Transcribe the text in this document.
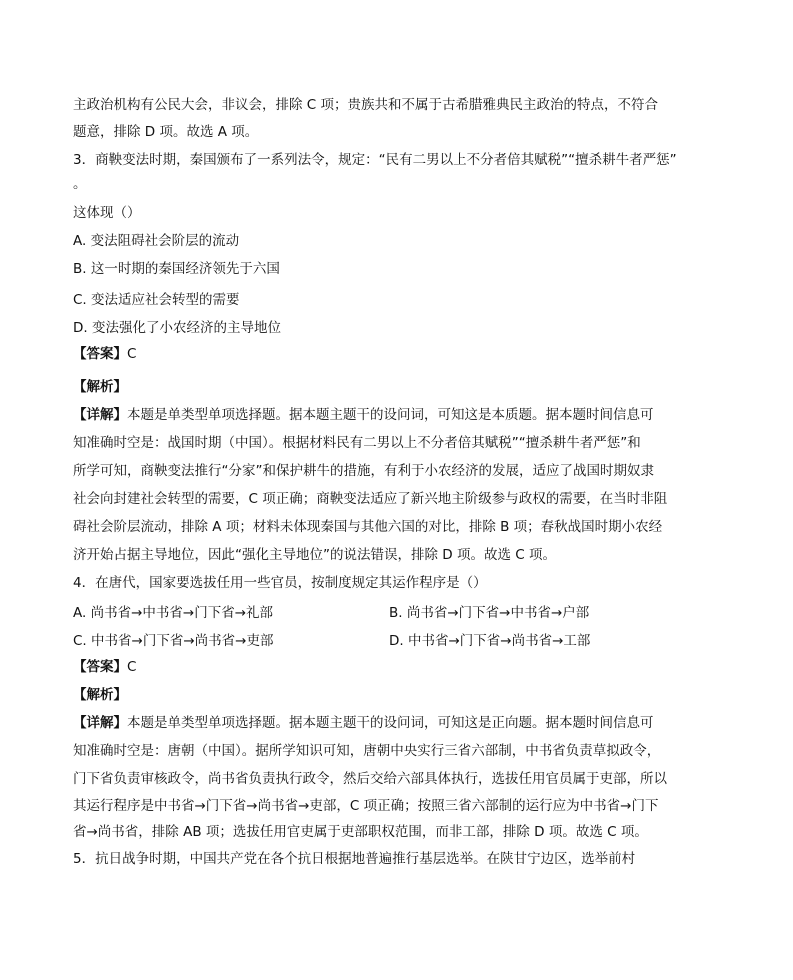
主政治机构有公民大会，非议会，排除 C 项；贵族共和不属于古希腊雅典民主政治的特点，不符合
题意，排除 D 项。故选 A 项。
3．商鞅变法时期，秦国颁布了一系列法令，规定：“民有二男以上不分者倍其赋税”“擅杀耕牛者严惩”
。
这体现（）
A. 变法阻碍社会阶层的流动
B. 这一时期的秦国经济领先于六国
C. 变法适应社会转型的需要
D. 变法强化了小农经济的主导地位
【答案】C
【解析】
【详解】本题是单类型单项选择题。据本题主题干的设问词，可知这是本质题。据本题时间信息可
知准确时空是：战国时期（中国）。根据材料民有二男以上不分者倍其赋税”“擅杀耕牛者严惩”和
所学可知，商鞅变法推行“分家”和保护耕牛的措施，有利于小农经济的发展，适应了战国时期奴隶
社会向封建社会转型的需要，C 项正确；商鞅变法适应了新兴地主阶级参与政权的需要，在当时非阻
碍社会阶层流动，排除 A 项；材料未体现秦国与其他六国的对比，排除 B 项；春秋战国时期小农经
济开始占据主导地位，因此“强化主导地位”的说法错误，排除 D 项。故选 C 项。
4．在唐代，国家要选拔任用一些官员，按制度规定其运作程序是（）
A. 尚书省→中书省→门下省→礼部	B. 尚书省→门下省→中书省→户部
C. 中书省→门下省→尚书省→吏部	D. 中书省→门下省→尚书省→工部
【答案】C
【解析】
【详解】本题是单类型单项选择题。据本题主题干的设问词，可知这是正向题。据本题时间信息可
知准确时空是：唐朝（中国）。据所学知识可知，唐朝中央实行三省六部制，中书省负责草拟政令，
门下省负责审核政令，尚书省负责执行政令，然后交给六部具体执行，选拔任用官员属于吏部，所以
其运行程序是中书省→门下省→尚书省→吏部，C 项正确；按照三省六部制的运行应为中书省→门下
省→尚书省，排除 AB 项；选拔任用官吏属于吏部职权范围，而非工部，排除 D 项。故选 C 项。
5．抗日战争时期，中国共产党在各个抗日根据地普遍推行基层选举。在陕甘宁边区，选举前村
